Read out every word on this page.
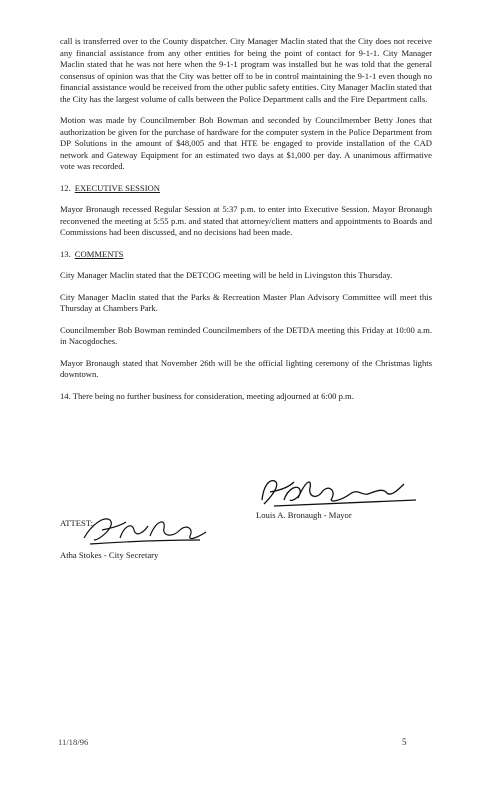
call is transferred over to the County dispatcher. City Manager Maclin stated that the City does not receive any financial assistance from any other entities for being the point of contact for 9-1-1. City Manager Maclin stated that he was not here when the 9-1-1 program was installed but he was told that the general consensus of opinion was that the City was better off to be in control maintaining the 9-1-1 even though no financial assistance would be received from the other public safety entities. City Manager Maclin stated that the City has the largest volume of calls between the Police Department calls and the Fire Department calls.

Motion was made by Councilmember Bob Bowman and seconded by Councilmember Betty Jones that authorization be given for the purchase of hardware for the computer system in the Police Department from DP Solutions in the amount of $48,005 and that HTE be engaged to provide installation of the CAD network and Gateway Equipment for an estimated two days at $1,000 per day. A unanimous affirmative vote was recorded.

12. EXECUTIVE SESSION

Mayor Bronaugh recessed Regular Session at 5:37 p.m. to enter into Executive Session. Mayor Bronaugh reconvened the meeting at 5:55 p.m. and stated that attorney/client matters and appointments to Boards and Commissions had been discussed, and no decisions had been made.

13. COMMENTS

City Manager Maclin stated that the DETCOG meeting will be held in Livingston this Thursday.

City Manager Maclin stated that the Parks & Recreation Master Plan Advisory Committee will meet this Thursday at Chambers Park.

Councilmember Bob Bowman reminded Councilmembers of the DETDA meeting this Friday at 10:00 a.m. in Nacogdoches.

Mayor Bronaugh stated that November 26th will be the official lighting ceremony of the Christmas lights downtown.

14. There being no further business for consideration, meeting adjourned at 6:00 p.m.

Louis A. Bronaugh - Mayor
ATTEST:
Atha Stokes - City Secretary
11/18/96	5
